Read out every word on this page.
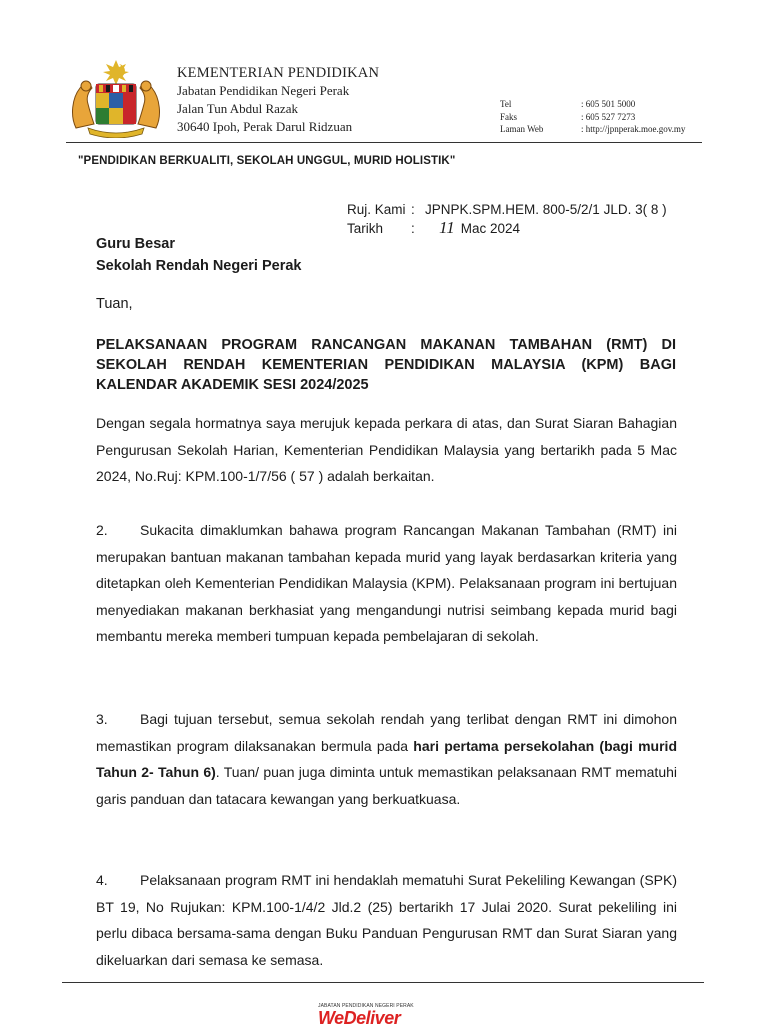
KEMENTERIAN PENDIDIKAN
Jabatan Pendidikan Negeri Perak
Jalan Tun Abdul Razak
30640 Ipoh, Perak Darul Ridzuan
Tel	: 605 501 5000
Faks	: 605 527 7273
Laman Web	: http://jpnperak.moe.gov.my
"PENDIDIKAN BERKUALITI, SEKOLAH UNGGUL, MURID HOLISTIK"
Ruj. Kami : JPNPK.SPM.HEM. 800-5/2/1 JLD. 3( 8 )
Tarikh	:	11 Mac 2024
Guru Besar
Sekolah Rendah Negeri Perak
Tuan,
PELAKSANAAN PROGRAM RANCANGAN MAKANAN TAMBAHAN (RMT) DI SEKOLAH RENDAH KEMENTERIAN PENDIDIKAN MALAYSIA (KPM) BAGI KALENDAR AKADEMIK SESI 2024/2025
Dengan segala hormatnya saya merujuk kepada perkara di atas, dan Surat Siaran Bahagian Pengurusan Sekolah Harian, Kementerian Pendidikan Malaysia yang bertarikh pada 5 Mac 2024, No.Ruj: KPM.100-1/7/56 ( 57 ) adalah berkaitan.
2. Sukacita dimaklumkan bahawa program Rancangan Makanan Tambahan (RMT) ini merupakan bantuan makanan tambahan kepada murid yang layak berdasarkan kriteria yang ditetapkan oleh Kementerian Pendidikan Malaysia (KPM). Pelaksanaan program ini bertujuan menyediakan makanan berkhasiat yang mengandungi nutrisi seimbang kepada murid bagi membantu mereka memberi tumpuan kepada pembelajaran di sekolah.
3. Bagi tujuan tersebut, semua sekolah rendah yang terlibat dengan RMT ini dimohon memastikan program dilaksanakan bermula pada hari pertama persekolahan (bagi murid Tahun 2- Tahun 6). Tuan/ puan juga diminta untuk memastikan pelaksanaan RMT mematuhi garis panduan dan tatacara kewangan yang berkuatkuasa.
4. Pelaksanaan program RMT ini hendaklah mematuhi Surat Pekeliling Kewangan (SPK) BT 19, No Rujukan: KPM.100-1/4/2 Jld.2 (25) bertarikh 17 Julai 2020. Surat pekeliling ini perlu dibaca bersama-sama dengan Buku Panduan Pengurusan RMT dan Surat Siaran yang dikeluarkan dari semasa ke semasa.
JABATAN PENDIDIKAN NEGERI PERAK
WeDeliver
